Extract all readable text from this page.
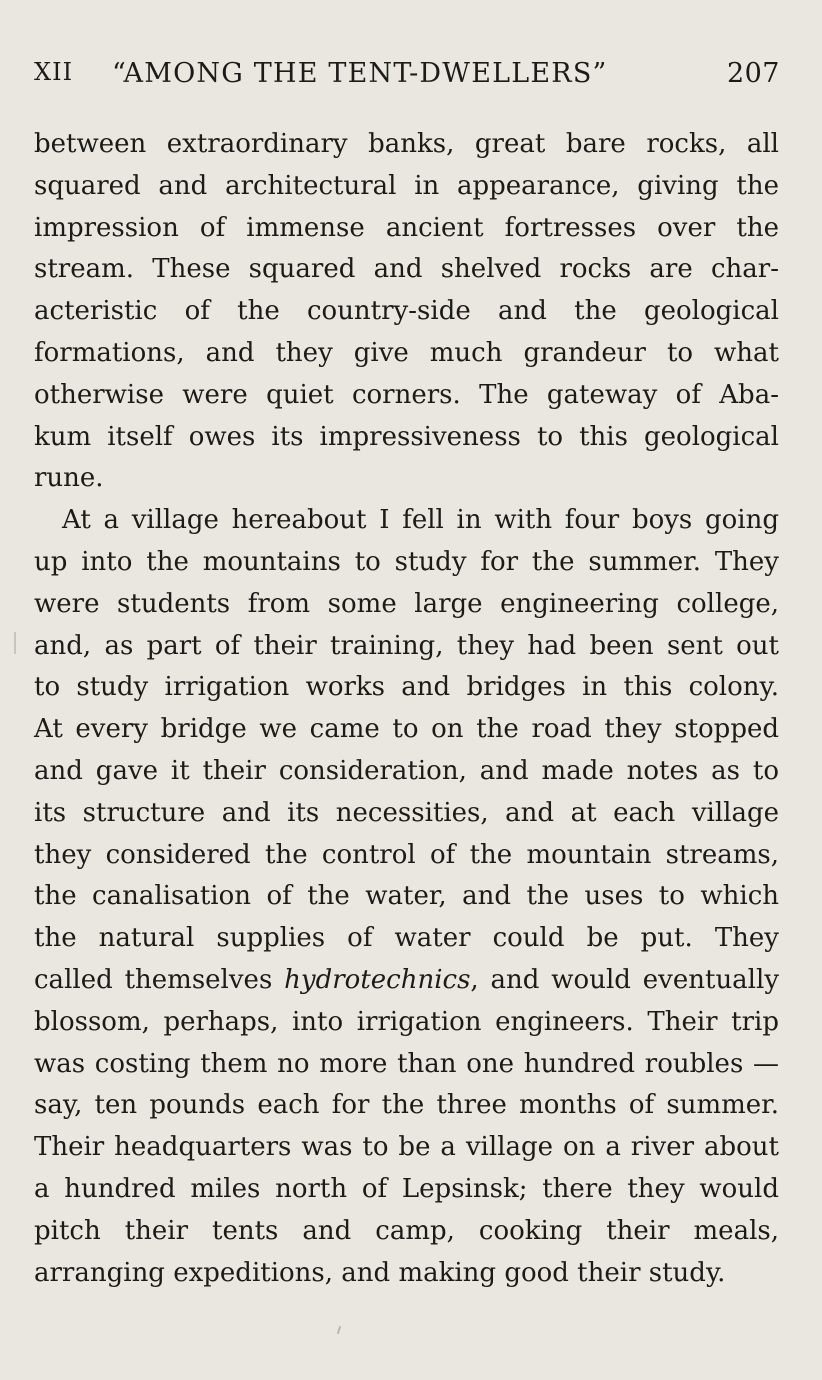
XII “AMONG THE TENT-DWELLERS”	207
between extraordinary banks, great bare rocks, all
squared and architectural in appearance, giving the
impression of immense ancient fortresses over the
stream. These squared and shelved rocks are char-
acteristic of the country-side and the geological
formations, and they give much grandeur to what
otherwise were quiet corners. The gateway of Aba-
kum itself owes its impressiveness to this geological
rune.
At a village hereabout I fell in with four boys going
up into the mountains to study for the summer. They
were students from some large engineering college,
and, as part of their training, they had been sent out
to study irrigation works and bridges in this colony.
At every bridge we came to on the road they stopped
and gave it their consideration, and made notes as to
its structure and its necessities, and at each village
they considered the control of the mountain streams,
the canalisation of the water, and the uses to which
the natural supplies of water could be put. They
called themselves hydrotechnics, and would eventually
blossom, perhaps, into irrigation engineers. Their trip
was costing them no more than one hundred roubles —
say, ten pounds each for the three months of summer.
Their headquarters was to be a village on a river about
a hundred miles north of Lepsinsk; there they would
pitch their tents and camp, cooking their meals,
arranging expeditions, and making good their study.
